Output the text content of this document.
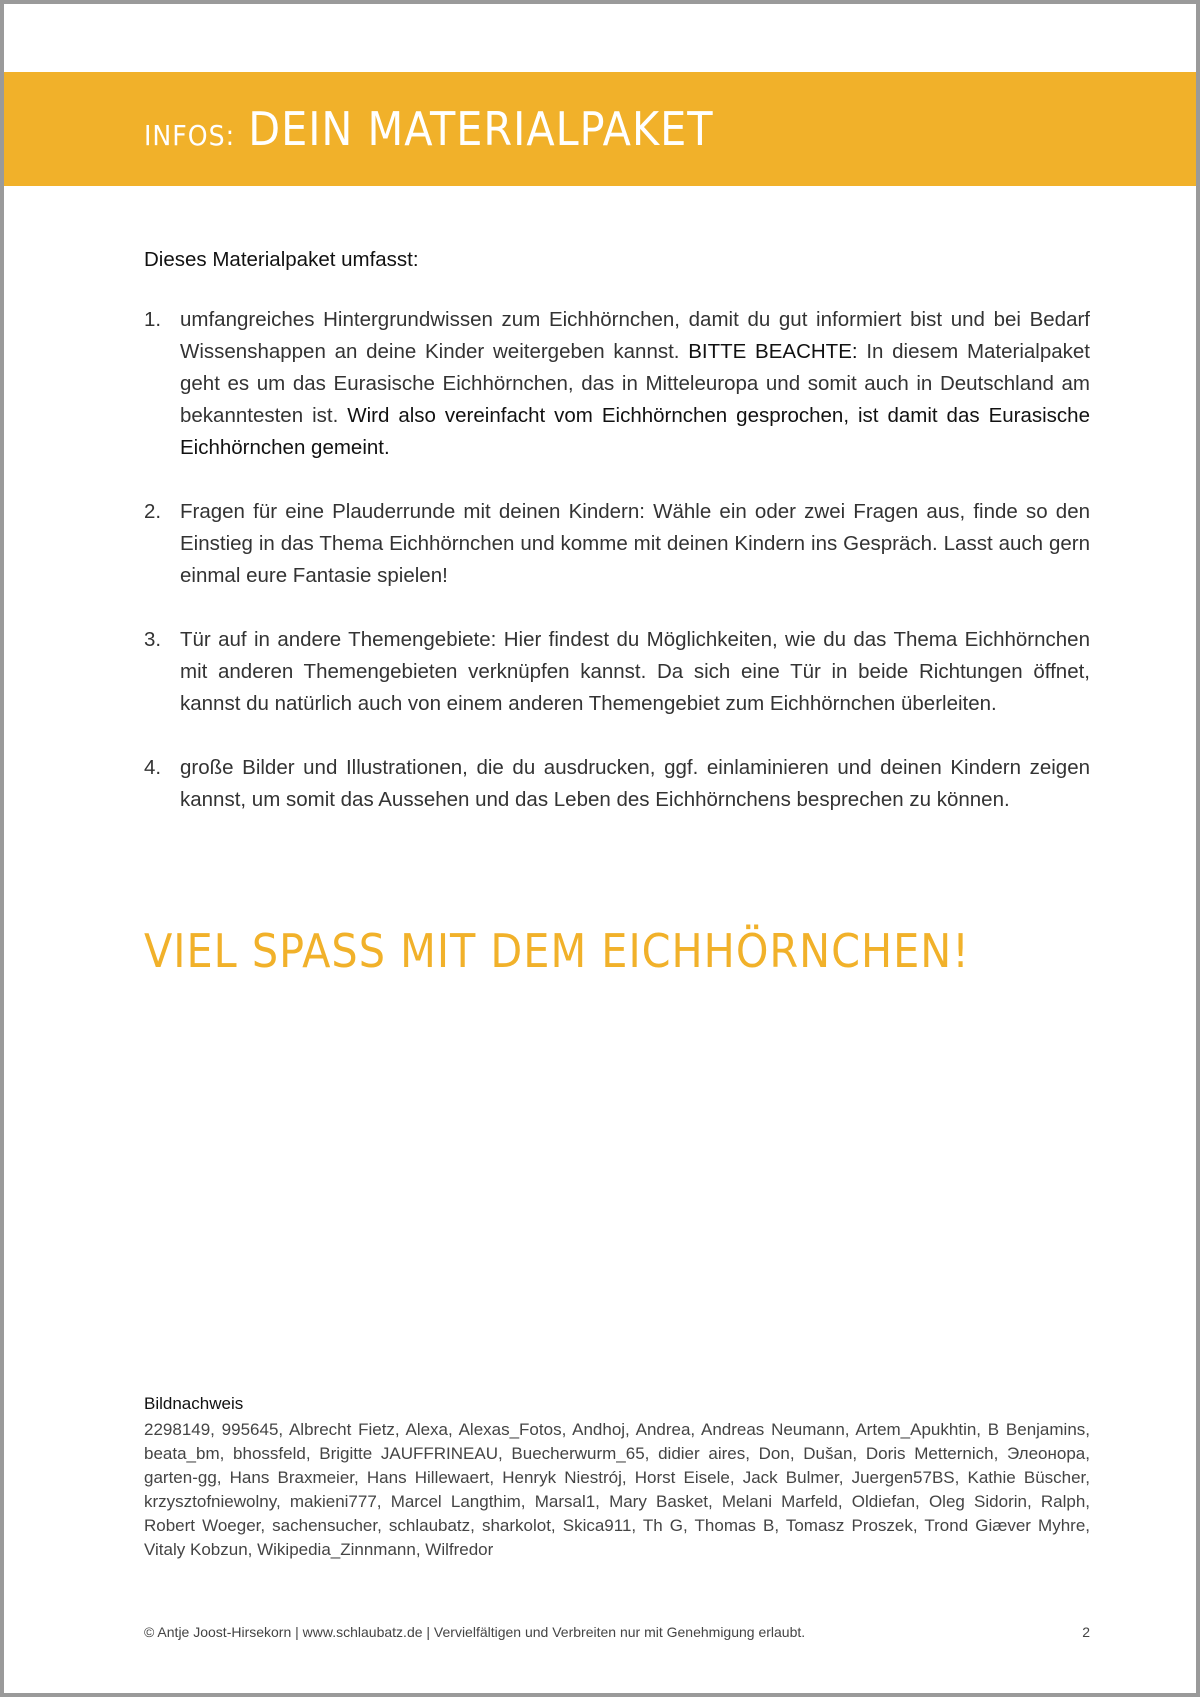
INFOS: DEIN MATERIALPAKET

Dieses Materialpaket umfasst:

1. umfangreiches Hintergrundwissen zum Eichhörnchen, damit du gut informiert bist und bei Bedarf Wissenshappen an deine Kinder weitergeben kannst. BITTE BEACHTE: In diesem Materialpaket geht es um das Eurasische Eichhörnchen, das in Mitteleuropa und somit auch in Deutschland am bekanntesten ist. Wird also vereinfacht vom Eichhörnchen gesprochen, ist damit das Eurasische Eichhörnchen gemeint.
2. Fragen für eine Plauderrunde mit deinen Kindern: Wähle ein oder zwei Fragen aus, finde so den Einstieg in das Thema Eichhörnchen und komme mit deinen Kindern ins Gespräch. Lasst auch gern einmal eure Fantasie spielen!
3. Tür auf in andere Themengebiete: Hier findest du Möglichkeiten, wie du das Thema Eichhörnchen mit anderen Themengebieten verknüpfen kannst. Da sich eine Tür in beide Richtungen öffnet, kannst du natürlich auch von einem anderen Themengebiet zum Eichhörnchen überleiten.
4. große Bilder und Illustrationen, die du ausdrucken, ggf. einlaminieren und deinen Kindern zeigen kannst, um somit das Aussehen und das Leben des Eichhörnchens besprechen zu können.
VIEL SPASS MIT DEM EICHHÖRNCHEN!

Bildnachweis

2298149, 995645, Albrecht Fietz, Alexa, Alexas_Fotos, Andhoj, Andrea, Andreas Neumann, Artem_Apukhtin, B Benjamins, beata_bm, bhossfeld, Brigitte JAUFFRINEAU, Buecherwurm_65, didier aires, Don, Dušan, Doris Metternich, Элеонора, garten-gg, Hans Braxmeier, Hans Hillewaert, Henryk Niestrój, Horst Eisele, Jack Bulmer, Juergen57BS, Kathie Büscher, krzysztofniewolny, makieni777, Marcel Langthim, Marsal1, Mary Basket, Melani Marfeld, Oldiefan, Oleg Sidorin, Ralph, Robert Woeger, sachensucher, schlaubatz, sharkolot, Skica911, Th G, Thomas B, Tomasz Proszek, Trond Giæver Myhre, Vitaly Kobzun, Wikipedia_Zinnmann, Wilfredor

© Antje Joost-Hirsekorn | www.schlaubatz.de | Vervielfältigen und Verbreiten nur mit Genehmigung erlaubt.	2
